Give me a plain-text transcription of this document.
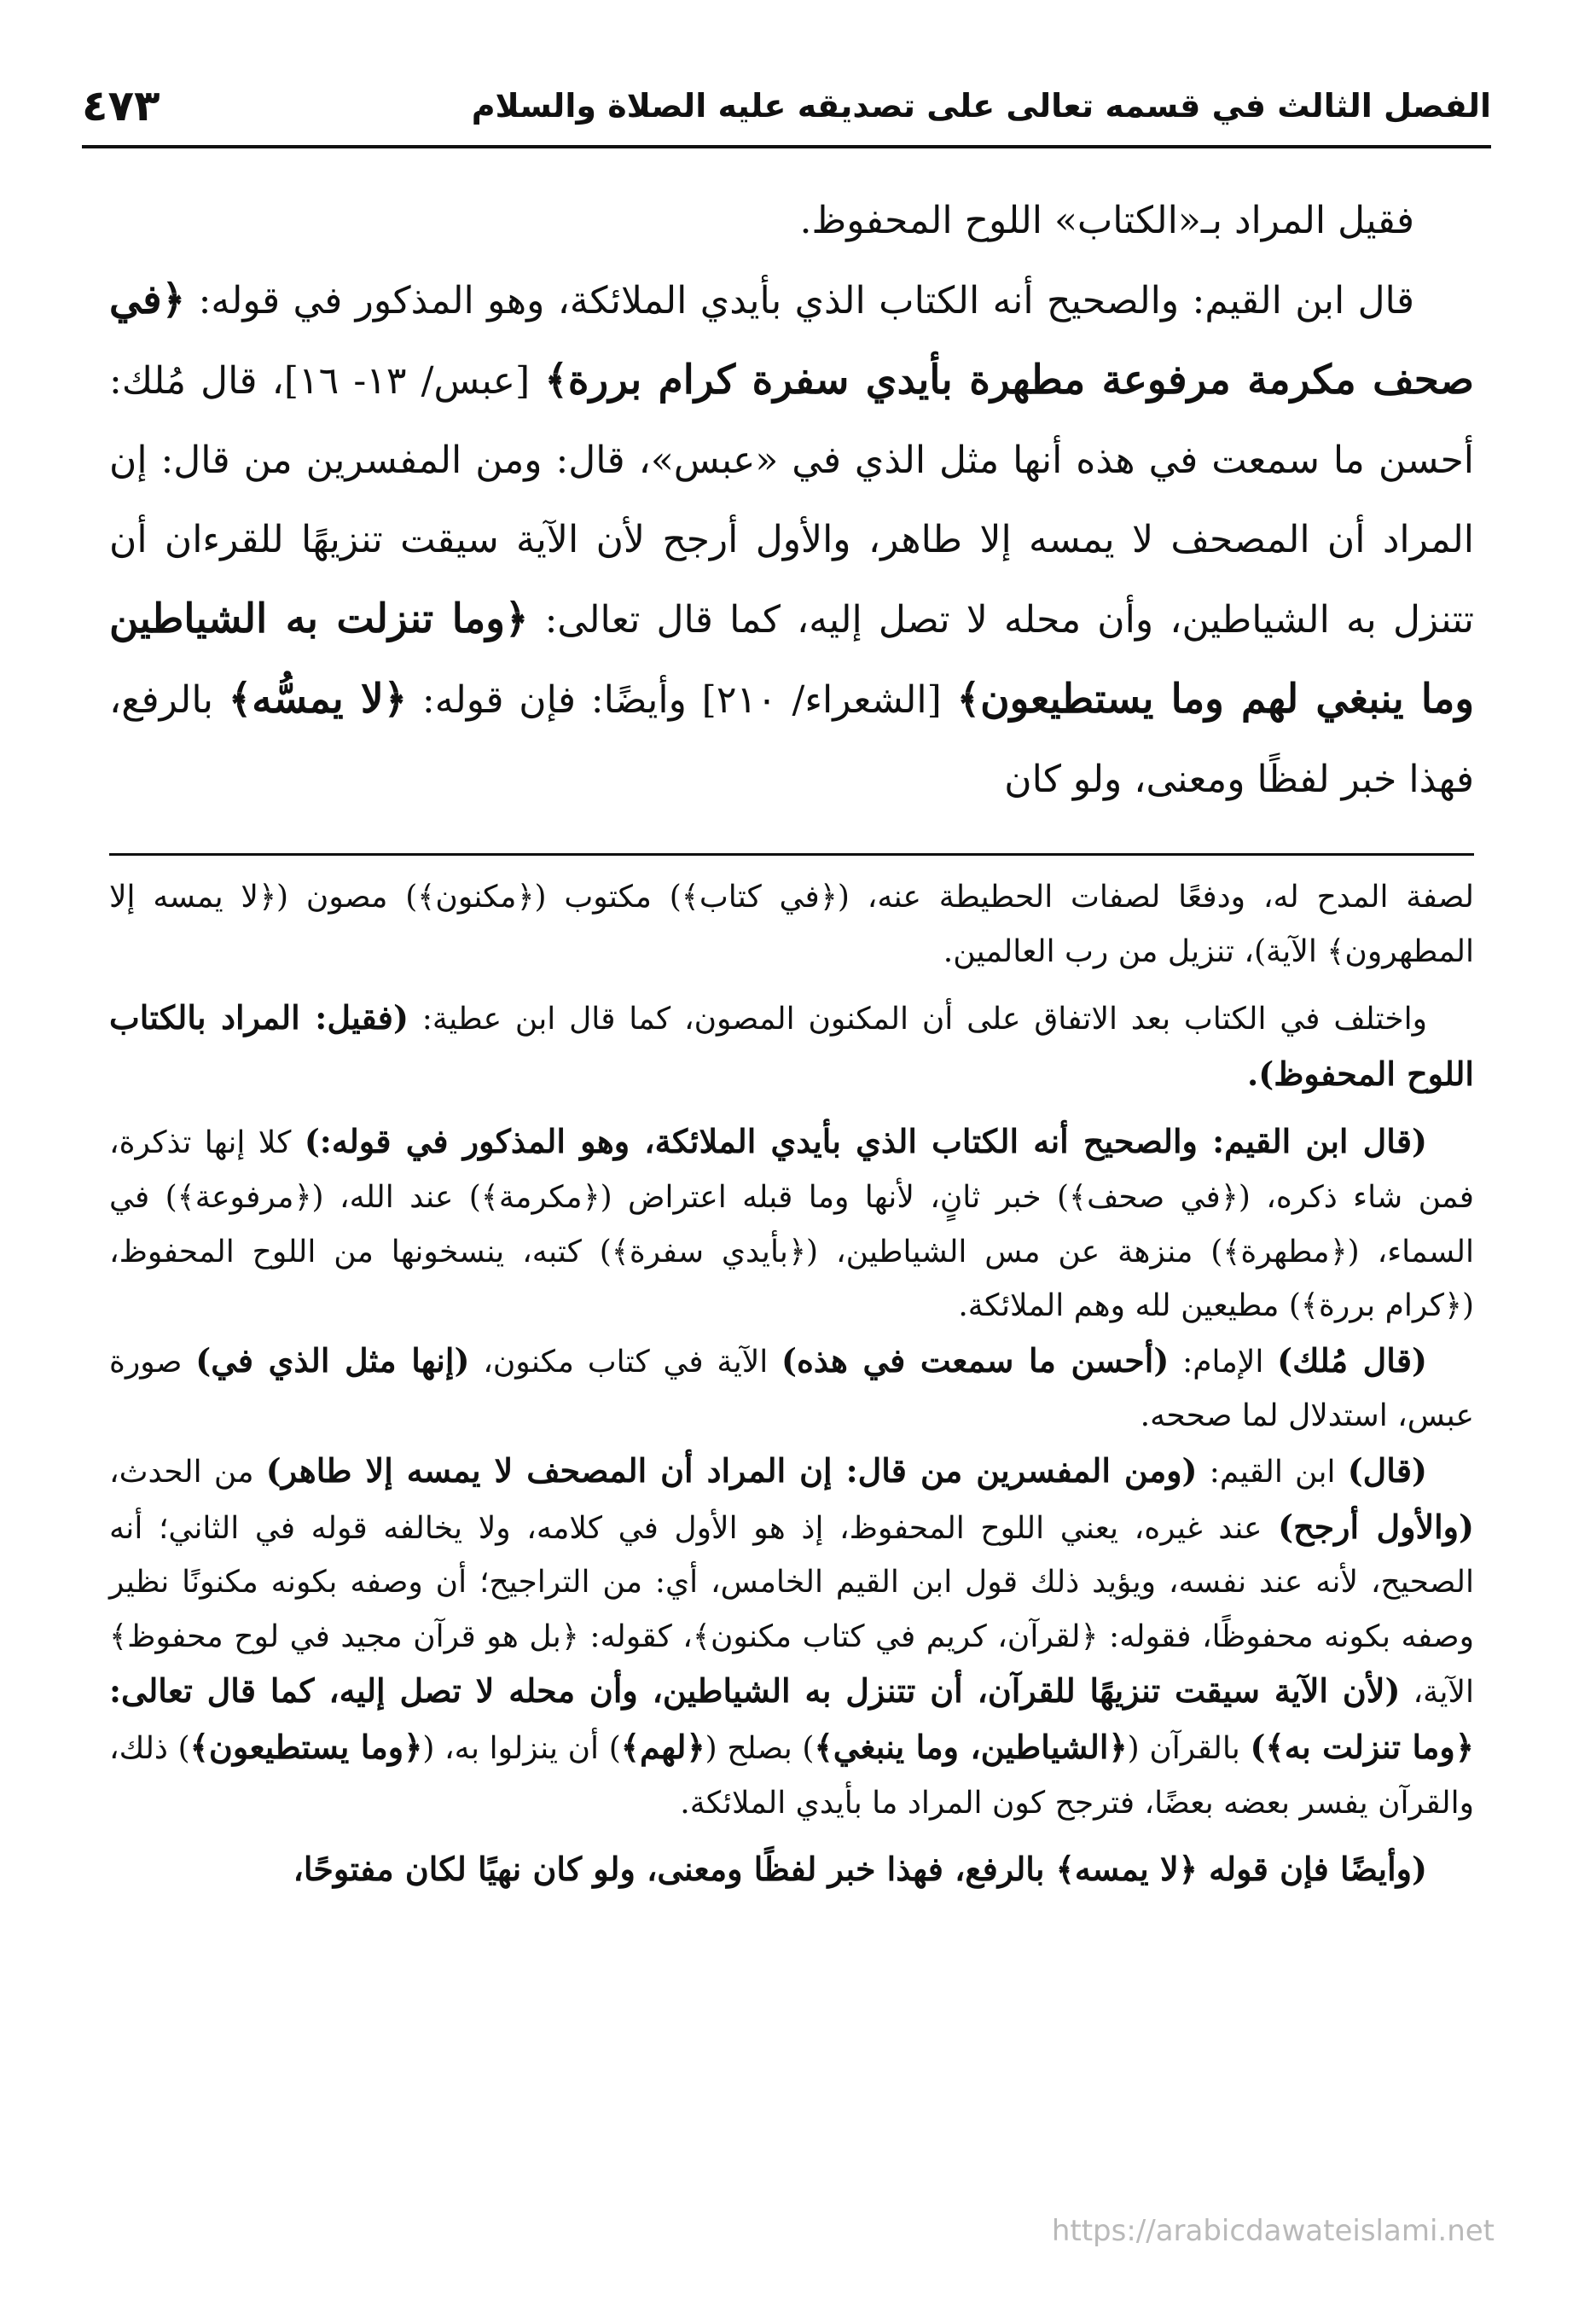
الفصل الثالث في قسمه تعالى على تصديقه عليه الصلاة والسلام
٤٧٣

فقيل المراد بـ«الكتاب» اللوح المحفوظ.

قال ابن القيم: والصحيح أنه الكتاب الذي بأيدي الملائكة، وهو المذكور في قوله: ﴿في صحف مكرمة مرفوعة مطهرة بأيدي سفرة كرام بررة﴾ [عبس/ ١٣- ١٦]، قال مُلك: أحسن ما سمعت في هذه أنها مثل الذي في «عبس»، قال: ومن المفسرين من قال: إن المراد أن المصحف لا يمسه إلا طاهر، والأول أرجح لأن الآية سيقت تنزيهًا للقرءان أن تتنزل به الشياطين، وأن محله لا تصل إليه، كما قال تعالى: ﴿وما تنزلت به الشياطين وما ينبغي لهم وما يستطيعون﴾ [الشعراء/ ٢١٠] وأيضًا: فإن قوله: ﴿لا يمسُّه﴾ بالرفع، فهذا خبر لفظًا ومعنى، ولو كان

لصفة المدح له، ودفعًا لصفات الحطيطة عنه، (﴿في كتاب﴾) مكتوب (﴿مكنون﴾) مصون (﴿لا يمسه إلا المطهرون﴾ الآية)، تنزيل من رب العالمين.

واختلف في الكتاب بعد الاتفاق على أن المكنون المصون، كما قال ابن عطية: (فقيل: المراد بالكتاب اللوح المحفوظ).

(قال ابن القيم: والصحيح أنه الكتاب الذي بأيدي الملائكة، وهو المذكور في قوله:) كلا إنها تذكرة، فمن شاء ذكره، (﴿في صحف﴾) خبر ثانٍ، لأنها وما قبله اعتراض (﴿مكرمة﴾) عند الله، (﴿مرفوعة﴾) في السماء، (﴿مطهرة﴾) منزهة عن مس الشياطين، (﴿بأيدي سفرة﴾) كتبه، ينسخونها من اللوح المحفوظ، (﴿كرام بررة﴾) مطيعين لله وهم الملائكة.

(قال مُلك) الإمام: (أحسن ما سمعت في هذه) الآية في كتاب مكنون، (إنها مثل الذي في) صورة عبس، استدلال لما صححه.

(قال) ابن القيم: (ومن المفسرين من قال: إن المراد أن المصحف لا يمسه إلا طاهر) من الحدث، (والأول أرجح) عند غيره، يعني اللوح المحفوظ، إذ هو الأول في كلامه، ولا يخالفه قوله في الثاني؛ أنه الصحيح، لأنه عند نفسه، ويؤيد ذلك قول ابن القيم الخامس، أي: من التراجيح؛ أن وصفه بكونه مكنونًا نظير وصفه بكونه محفوظًا، فقوله: ﴿لقرآن، كريم في كتاب مكنون﴾، كقوله: ﴿بل هو قرآن مجيد في لوح محفوظ﴾ الآية، (لأن الآية سيقت تنزيهًا للقرآن، أن تتنزل به الشياطين، وأن محله لا تصل إليه، كما قال تعالى: ﴿وما تنزلت به﴾) بالقرآن (﴿الشياطين، وما ينبغي﴾) بصلح (﴿لهم﴾) أن ينزلوا به، (﴿وما يستطيعون﴾) ذلك، والقرآن يفسر بعضه بعضًا، فترجح كون المراد ما بأيدي الملائكة.

(وأيضًا فإن قوله ﴿لا يمسه﴾ بالرفع، فهذا خبر لفظًا ومعنى، ولو كان نهيًا لكان مفتوحًا،

https://arabicdawateislami.net
